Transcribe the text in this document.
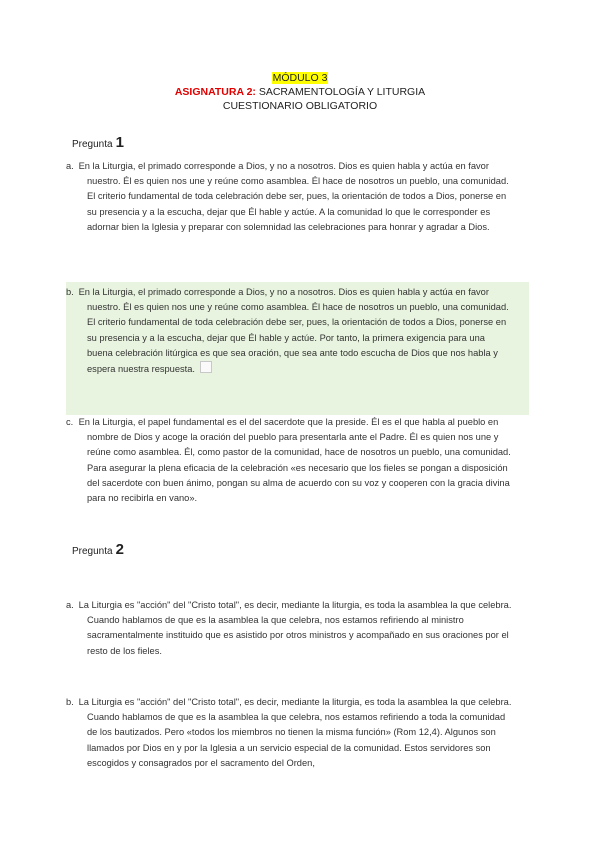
MÓDULO 3
ASIGNATURA 2: SACRAMENTOLOGÍA Y LITURGIA
CUESTIONARIO OBLIGATORIO
Pregunta 1
a. En la Liturgia, el primado corresponde a Dios, y no a nosotros. Dios es quien habla y actúa en favor nuestro. Él es quien nos une y reúne como asamblea. Él hace de nosotros un pueblo, una comunidad. El criterio fundamental de toda celebración debe ser, pues, la orientación de todos a Dios, ponerse en su presencia y a la escucha, dejar que Él hable y actúe. A la comunidad lo que le corresponder es adornar bien la Iglesia y preparar con solemnidad las celebraciones para honrar y agradar a Dios.
b. En la Liturgia, el primado corresponde a Dios, y no a nosotros. Dios es quien habla y actúa en favor nuestro. Él es quien nos une y reúne como asamblea. Él hace de nosotros un pueblo, una comunidad. El criterio fundamental de toda celebración debe ser, pues, la orientación de todos a Dios, ponerse en su presencia y a la escucha, dejar que Él hable y actúe. Por tanto, la primera exigencia para una buena celebración litúrgica es que sea oración, que sea ante todo escucha de Dios que nos habla y espera nuestra respuesta.
c. En la Liturgia, el papel fundamental es el del sacerdote que la preside. Él es el que habla al pueblo en nombre de Dios y acoge la oración del pueblo para presentarla ante el Padre. Él es quien nos une y reúne como asamblea. Él, como pastor de la comunidad, hace de nosotros un pueblo, una comunidad. Para asegurar la plena eficacia de la celebración «es necesario que los fieles se pongan a disposición del sacerdote con buen ánimo, pongan su alma de acuerdo con su voz y cooperen con la gracia divina para no recibirla en vano».
Pregunta 2
a. La Liturgia es "acción" del "Cristo total", es decir, mediante la liturgia, es toda la asamblea la que celebra. Cuando hablamos de que es la asamblea la que celebra, nos estamos refiriendo al ministro sacramentalmente instituido que es asistido por otros ministros y acompañado en sus oraciones por el resto de los fieles.
b. La Liturgia es "acción" del "Cristo total", es decir, mediante la liturgia, es toda la asamblea la que celebra. Cuando hablamos de que es la asamblea la que celebra, nos estamos refiriendo a toda la comunidad de los bautizados. Pero «todos los miembros no tienen la misma función» (Rom 12,4). Algunos son llamados por Dios en y por la Iglesia a un servicio especial de la comunidad. Estos servidores son escogidos y consagrados por el sacramento del Orden,
